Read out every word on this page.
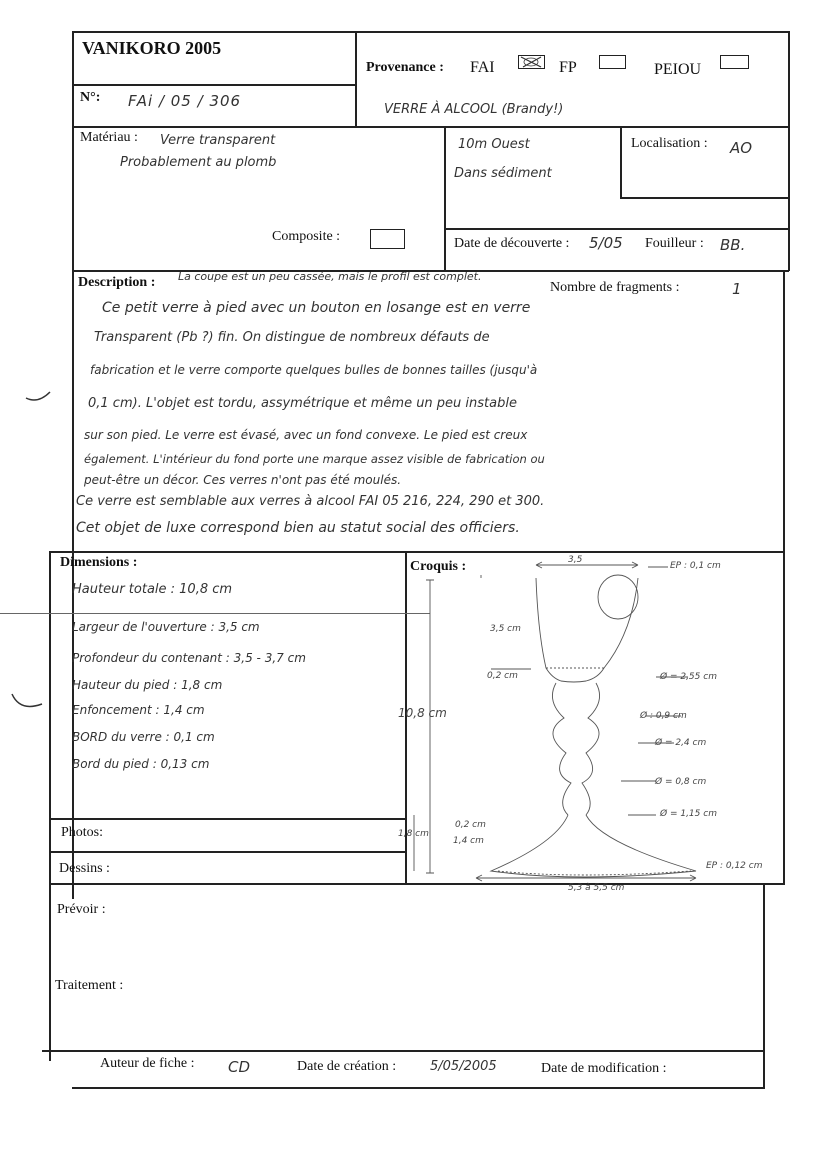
VANIKORO 2005
Provenance : FAI	FP	PEIOU
N°: FAi / 05 / 306	VERRE À ALCOOL (Brandy!)
Matériau : Verre transparent
Probablement au plomb
Composite :
10m Ouest
Dans sédiment
Localisation : AO
Date de découverte : 5/05 Fouilleur : BB.
Description : La coupe est un peu cassée, mais le profil est complet.
Nombre de fragments :	1
Ce petit verre à pied avec un bouton en losange est en verre
Transparent (Pb ?) fin. On distingue de nombreux défauts de
fabrication et le verre comporte quelques bulles de bonnes tailles (jusqu'à
0,1 cm). L'objet est tordu, assymétrique et même un peu instable
sur son pied. Le verre est évasé, avec un fond convexe. Le pied est creux
également. L'intérieur du fond porte une marque assez visible de fabrication ou
peut-être un décor. Ces verres n'ont pas été moulés.
Ce verre est semblable aux verres à alcool FAI 05 216, 224, 290 et 300.
Cet objet de luxe correspond bien au statut social des officiers.
Dimensions :
Hauteur totale : 10,8 cm
Largeur de l'ouverture : 3,5 cm
Profondeur du contenant : 3,5 - 3,7 cm
Hauteur du pied : 1,8 cm
Enfoncement : 1,4 cm
BORD du verre : 0,1 cm
Bord du pied : 0,13 cm
Photos:
Dessins :
Croquis :	3,5
EP : 0,1 cm
3,5 cm
0,2 cm	Ø = 2,55 cm
10,8 cm	Ø : 0,9 cm
Ø = 2,4 cm
Ø = 0,8 cm
Ø = 1,15 cm
0,2 cm
1,4 cm
1,8 cm
EP : 0,12 cm
5,3 à 5,5 cm
Prévoir :
Traitement :
Auteur de fiche : CD	Date de création :	5/05/2005	Date de modification :
